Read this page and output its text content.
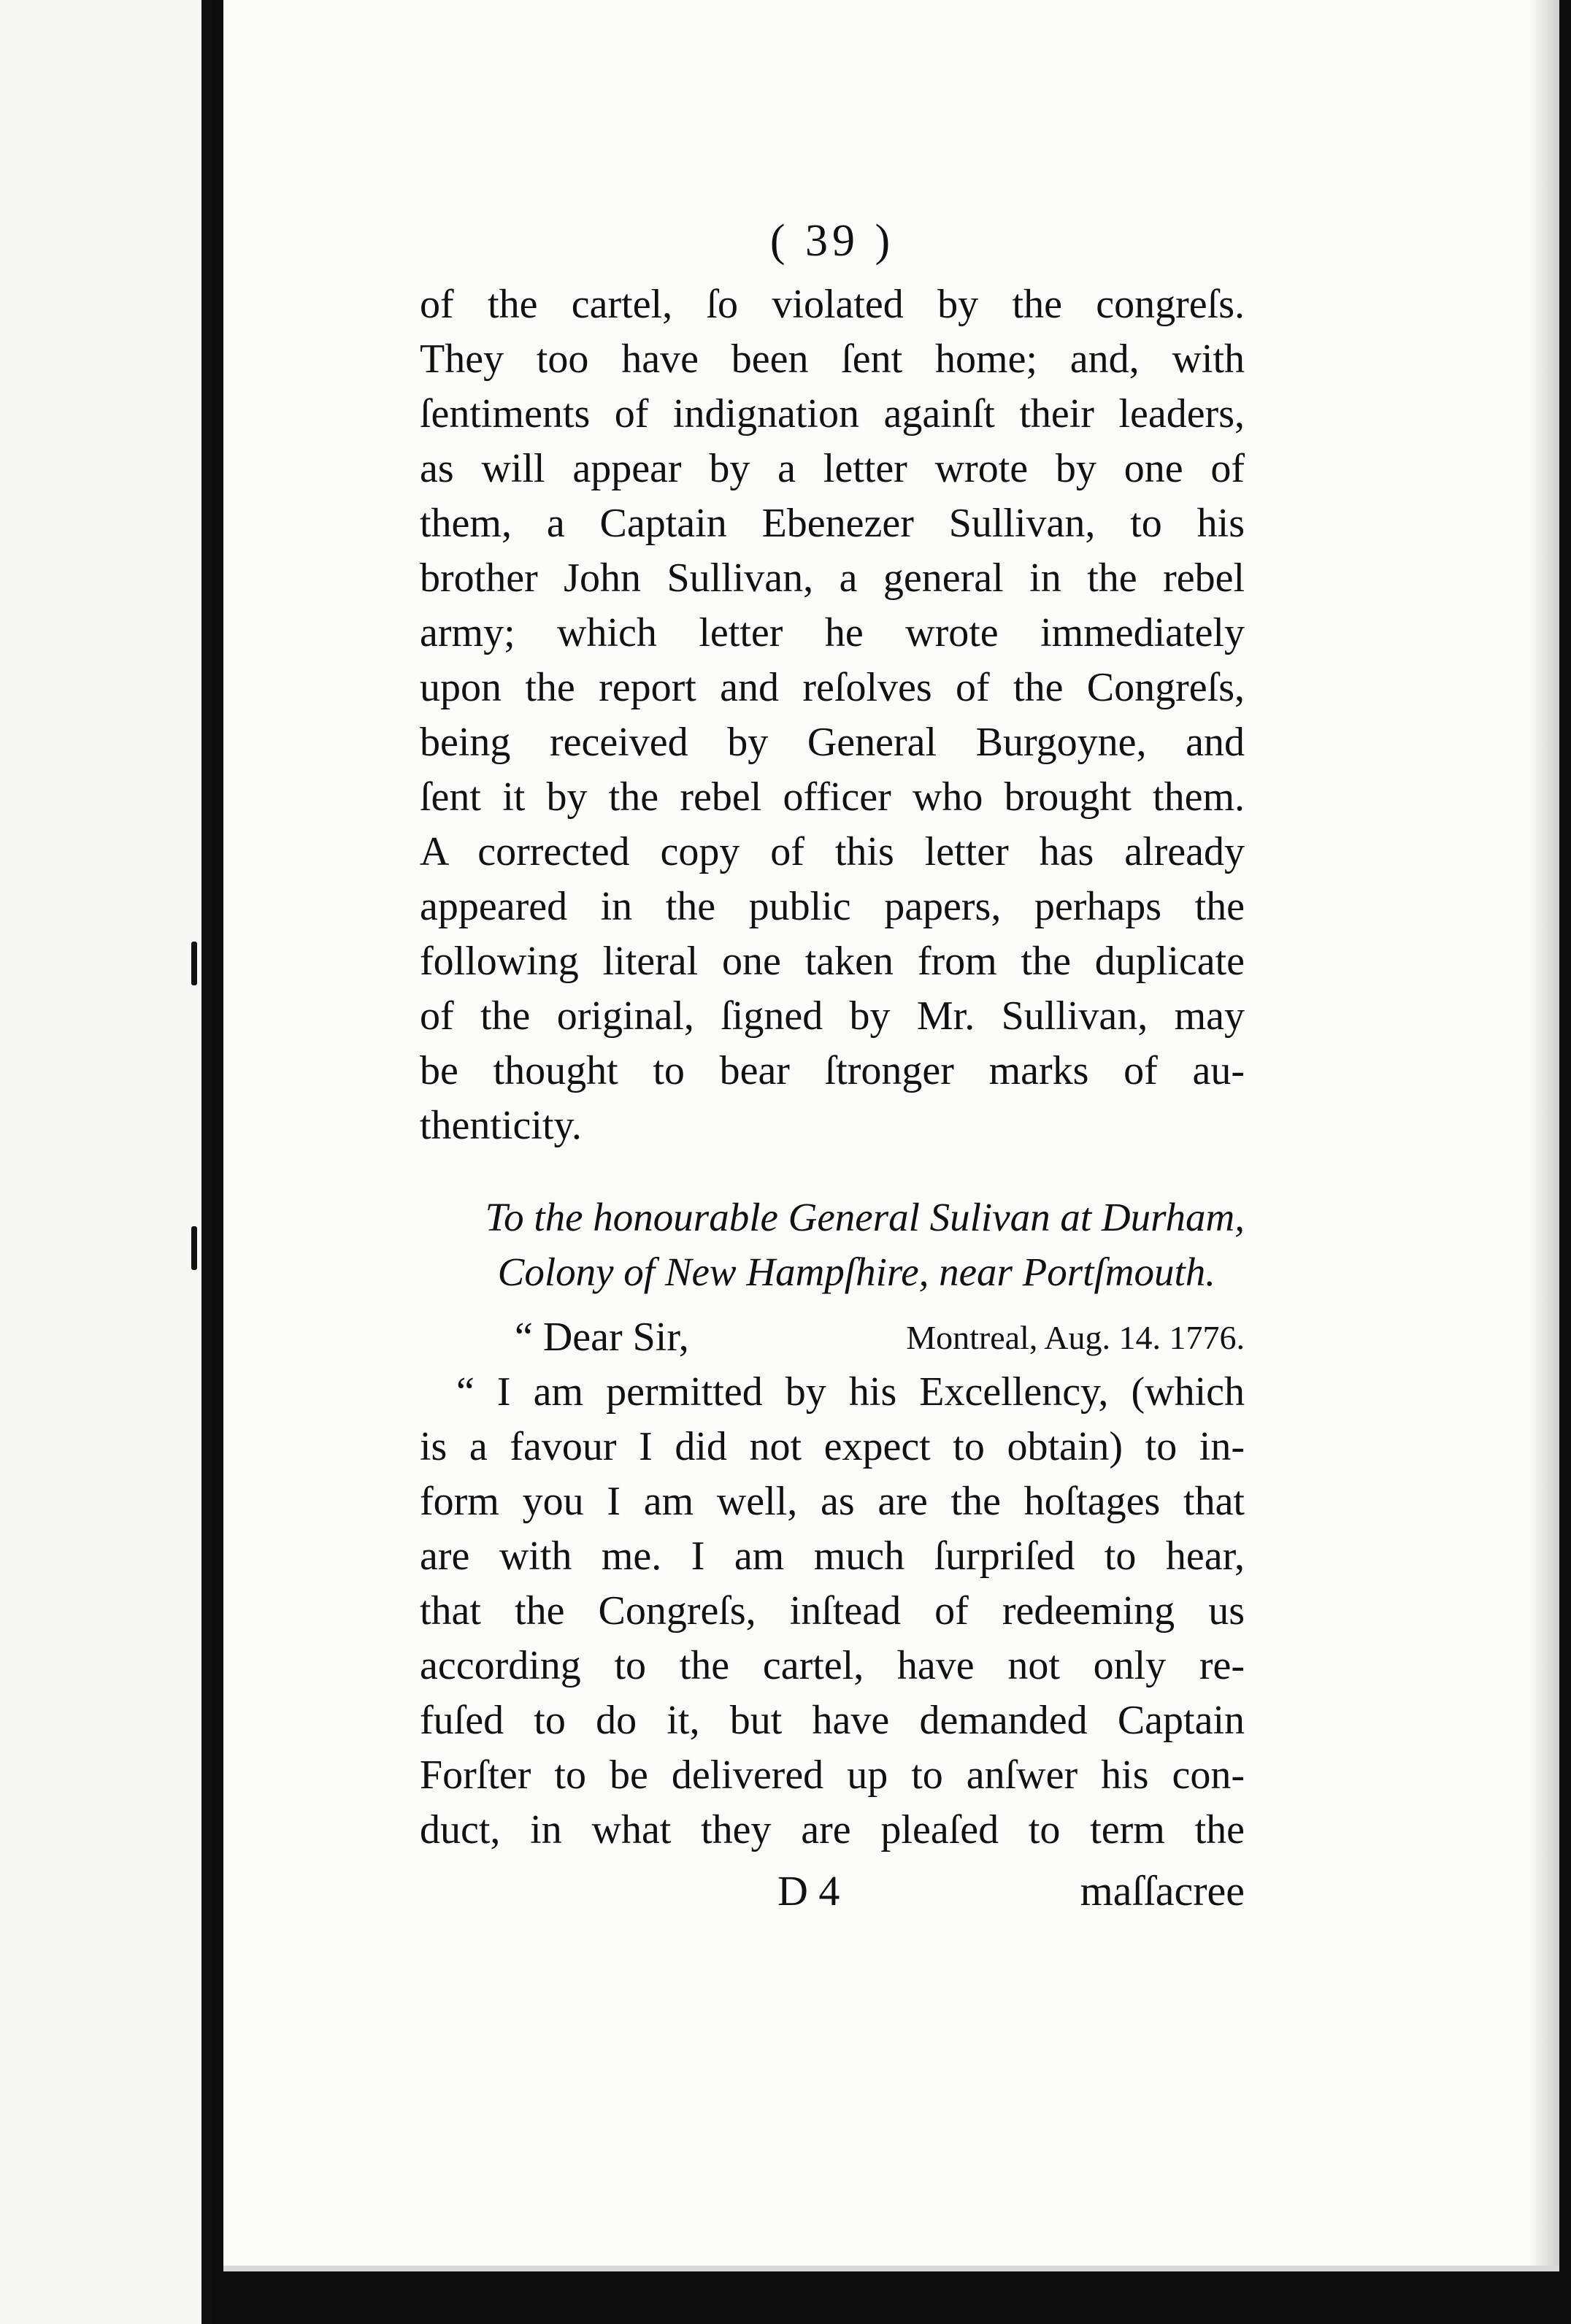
( 39 )
of the cartel, ſo violated by the congreſs.
They too have been ſent home; and, with
ſentiments of indignation againſt their leaders,
as will appear by a letter wrote by one of
them, a Captain Ebenezer Sullivan, to his
brother John Sullivan, a general in the rebel
army; which letter he wrote immediately
upon the report and reſolves of the Congreſs,
being received by General Burgoyne, and
ſent it by the rebel officer who brought them.
A corrected copy of this letter has already
appeared in the public papers, perhaps the
following literal one taken from the duplicate
of the original, ſigned by Mr. Sullivan, may
be thought to bear ſtronger marks of au-
thenticity.
To the honourable General Sulivan at Durham,
Colony of New Hampſhire, near Portſmouth.
“ Dear Sir,	Montreal, Aug. 14. 1776.
“ I am permitted by his Excellency, (which
is a favour I did not expect to obtain) to in-
form you I am well, as are the hoſtages that
are with me. I am much ſurpriſed to hear,
that the Congreſs, inſtead of redeeming us
according to the cartel, have not only re-
fuſed to do it, but have demanded Captain
Forſter to be delivered up to anſwer his con-
duct, in what they are pleaſed to term the
D 4	maſſacree
